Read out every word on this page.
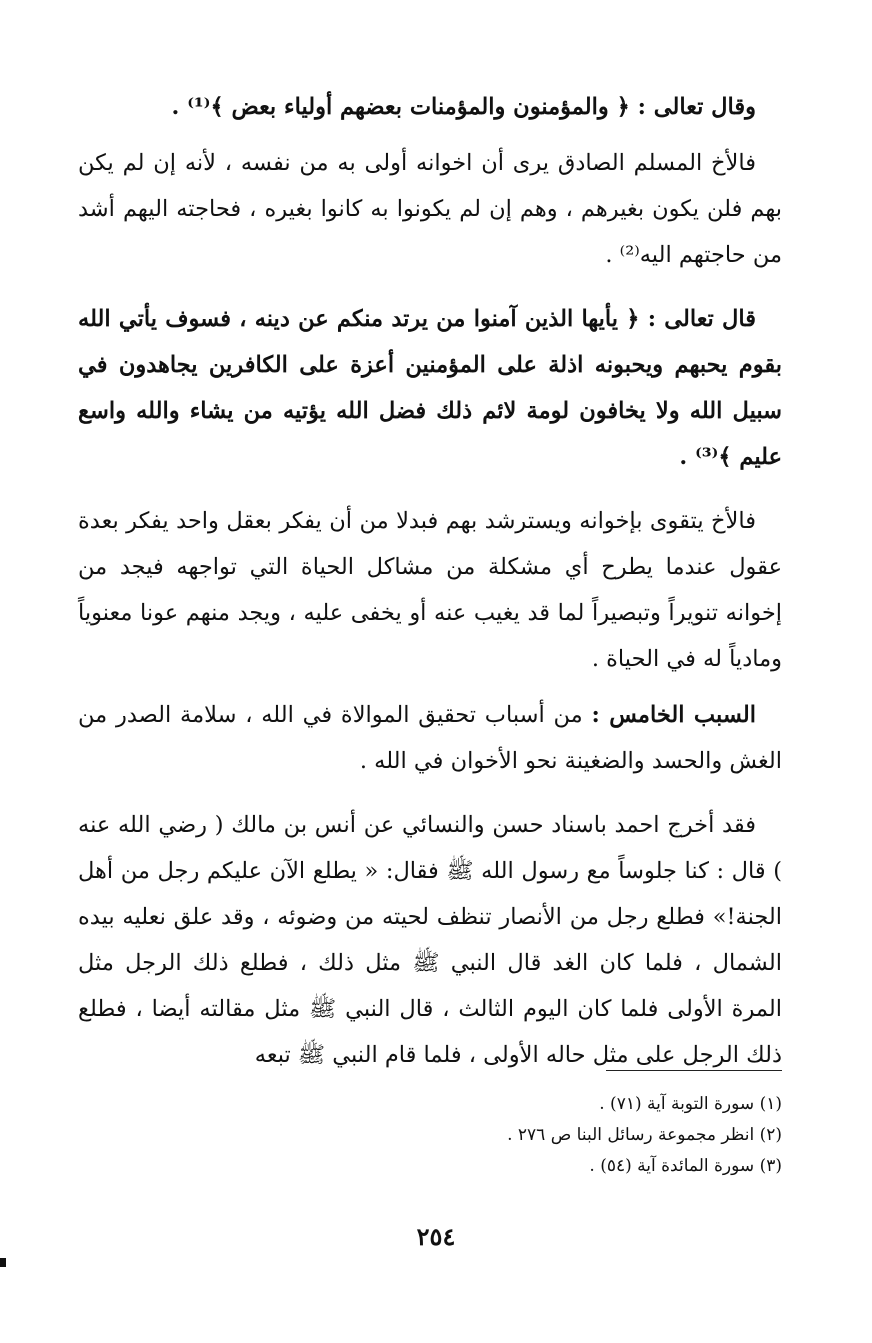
وقال تعالى : ﴿ والمؤمنون والمؤمنات بعضهم أولياء بعض ﴾⁽¹⁾ .

فالأخ المسلم الصادق يرى أن اخوانه أولى به من نفسه ، لأنه إن لم يكن بهم فلن يكون بغيرهم ، وهم إن لم يكونوا به كانوا بغيره ، فحاجته اليهم أشد من حاجتهم اليه⁽²⁾ .

قال تعالى : ﴿ يأيها الذين آمنوا من يرتد منكم عن دينه ، فسوف يأتي الله بقوم يحبهم ويحبونه اذلة على المؤمنين أعزة على الكافرين يجاهدون في سبيل الله ولا يخافون لومة لائم ذلك فضل الله يؤتيه من يشاء والله واسع عليم ﴾⁽³⁾ .

فالأخ يتقوى بإخوانه ويسترشد بهم فبدلا من أن يفكر بعقل واحد يفكر بعدة عقول عندما يطرح أي مشكلة من مشاكل الحياة التي تواجهه فيجد من إخوانه تنويراً وتبصيراً لما قد يغيب عنه أو يخفى عليه ، ويجد منهم عونا معنوياً ومادياً له في الحياة .

السبب الخامس : من أسباب تحقيق الموالاة في الله ، سلامة الصدر من الغش والحسد والضغينة نحو الأخوان في الله .

فقد أخرج احمد باسناد حسن والنسائي عن أنس بن مالك ( رضي الله عنه ) قال : كنا جلوساً مع رسول الله ﷺ فقال: « يطلع الآن عليكم رجل من أهل الجنة!» فطلع رجل من الأنصار تنظف لحيته من وضوئه ، وقد علق نعليه بيده الشمال ، فلما كان الغد قال النبي ﷺ مثل ذلك ، فطلع ذلك الرجل مثل المرة الأولى فلما كان اليوم الثالث ، قال النبي ﷺ مثل مقالته أيضا ، فطلع ذلك الرجل على مثل حاله الأولى ، فلما قام النبي ﷺ تبعه

(١) سورة التوبة آية (٧١) .

(٢) انظر مجموعة رسائل البنا ص ٢٧٦ .

(٣) سورة المائدة آية (٥٤) .

٢٥٤
